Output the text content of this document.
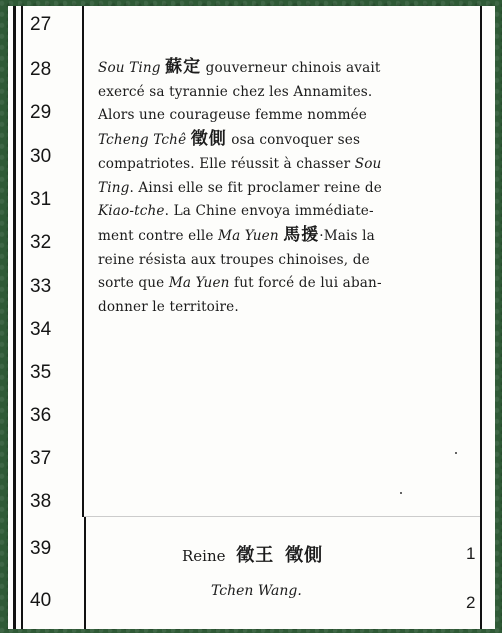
27
28
29
30
31
32
33
34
35
36
37
38
39
40

Sou Ting 蘇定 gouverneur chinois avait

exercé sa tyrannie chez les Annamites.

Alors une courageuse femme nommée

Tcheng Tchê 徵側 osa convoquer ses

compatriotes. Elle réussit à chasser Sou

Ting. Ainsi elle se fit proclamer reine de

Kiao-tche. La Chine envoya immédiate-

ment contre elle Ma Yuen 馬援·Mais la

reine résista aux troupes chinoises, de

sorte que Ma Yuen fut forcé de lui aban-

donner le territoire.

Reine 徵王 徵側
Tchen Wang.
1
2
